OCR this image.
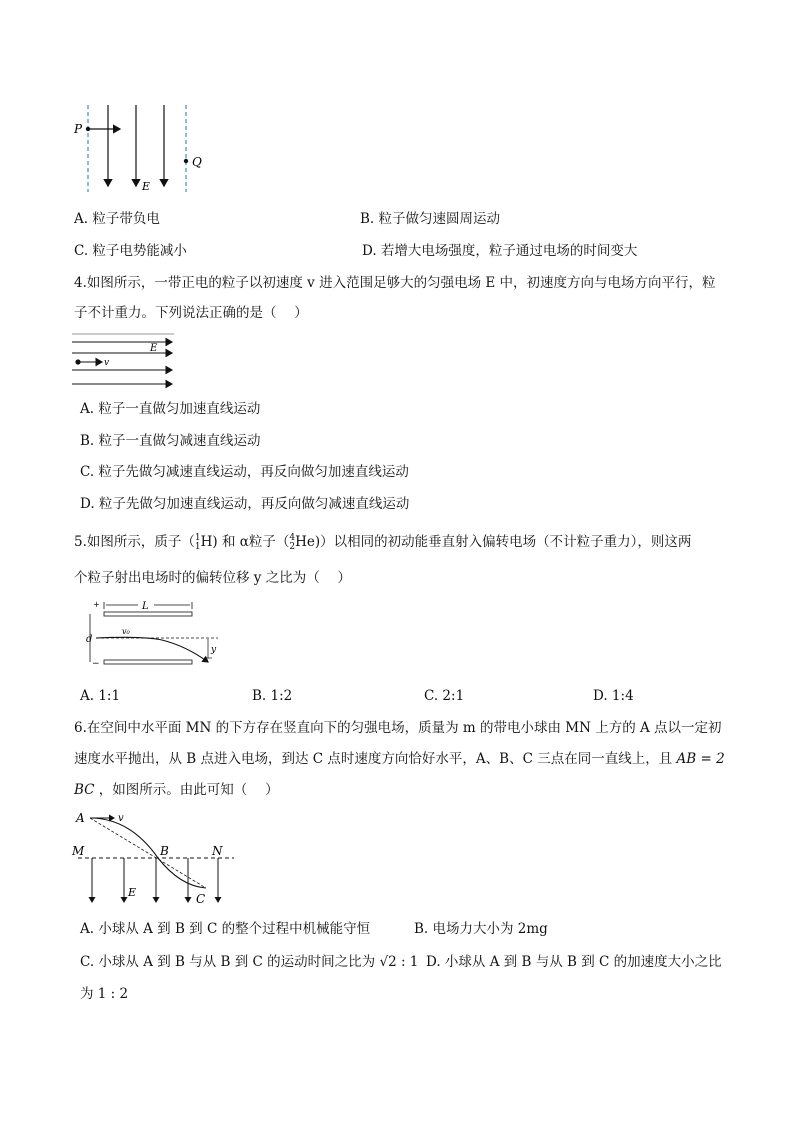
P
Q
E
A. 粒子带负电	B. 粒子做匀速圆周运动
C. 粒子电势能减小	D. 若增大电场强度，粒子通过电场的时间变大
4.如图所示，一带正电的粒子以初速度 v 进入范围足够大的匀强电场 E 中，初速度方向与电场方向平行，粒
子不计重力。下列说法正确的是（　 ）
E
v
A. 粒子一直做匀加速直线运动
B. 粒子一直做匀减速直线运动
C. 粒子先做匀减速直线运动，再反向做匀加速直线运动
D. 粒子先做匀加速直线运动，再反向做匀减速直线运动
5.如图所示，质子（ 1
1 H) 和 α粒子（ 4
2 He)）以相同的初动能垂直射入偏转电场（不计粒子重力），则这两
个粒子射出电场时的偏转位移 y 之比为（　 ）
L
+
−
d
v₀
y
A. 1:1	B. 1:2	C. 2:1	D. 1:4
6.在空间中水平面 MN 的下方存在竖直向下的匀强电场，质量为 m 的带电小球由 MN 上方的 A 点以一定初
速度水平抛出，从 B 点进入电场，到达 C 点时速度方向恰好水平，A、B、C 三点在同一直线上，且 AB = 2
BC ，如图所示。由此可知（　 ）
A	v
M	B	N
E	C
A. 小球从 A 到 B 到 C 的整个过程中机械能守恒	B. 电场力大小为 2mg
C. 小球从 A 到 B 与从 B 到 C 的运动时间之比为 √2 : 1 D. 小球从 A 到 B 与从 B 到 C 的加速度大小之比
为 1 : 2
